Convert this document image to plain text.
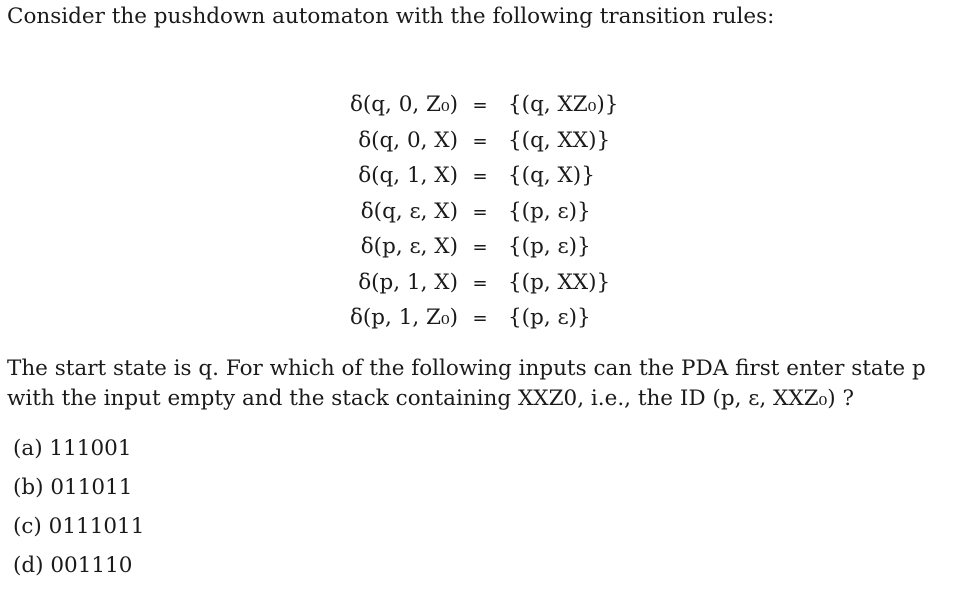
Consider the pushdown automaton with the following transition rules:
δ(q, 0, Z₀) = {(q, XZ₀)}
δ(q, 0, X) = {(q, XX)}
δ(q, 1, X) = {(q, X)}
δ(q, ε, X) = {(p, ε)}
δ(p, ε, X) = {(p, ε)}
δ(p, 1, X) = {(p, XX)}
δ(p, 1, Z₀) = {(p, ε)}
The start state is q. For which of the following inputs can the PDA first enter state p with the input empty and the stack containing XXZ0, i.e., the ID (p, ε, XXZ₀) ?
(a) 111001
(b) 011011
(c) 0111011
(d) 001110
